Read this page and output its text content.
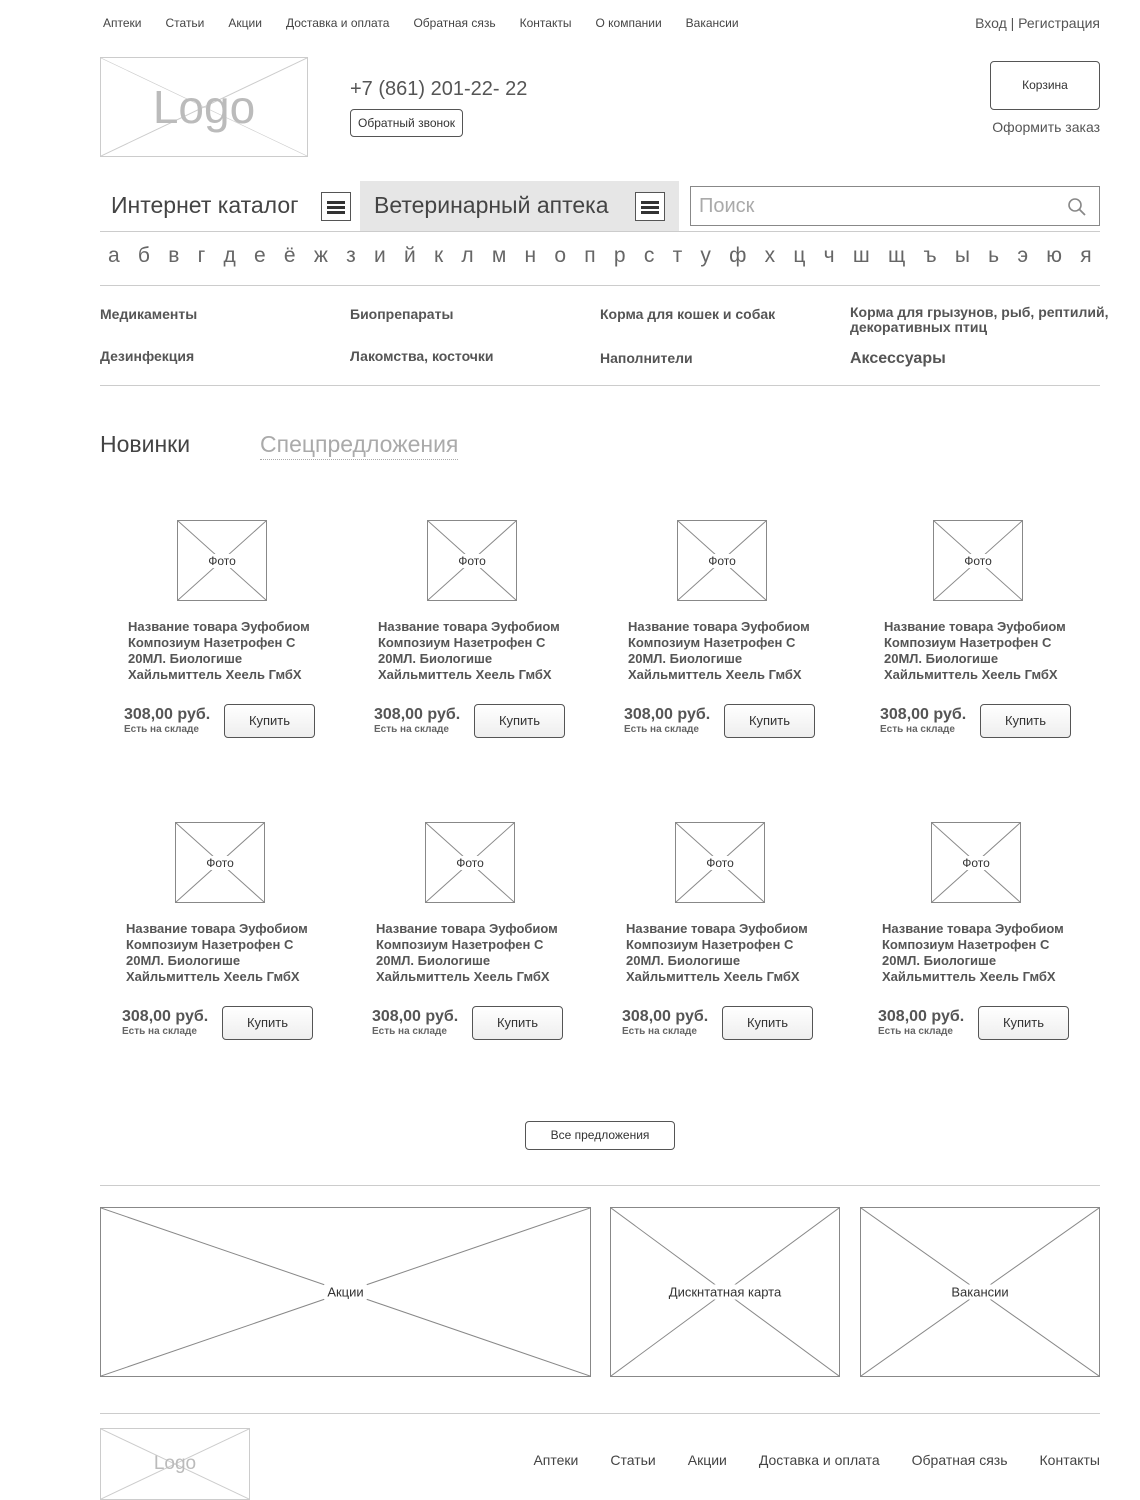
Аптеки Статьи Акции Доставка и оплата Обратная сязь Контакты О компании Вакансии	Вход | Регистрация
Logo	+7 (861) 201-22- 22
Обратный звонок
Корзина
Оформить заказ
Интернет каталог	Ветеринарный аптека
Поиск
а б в г д е ё ж з и й к л м н о п р с т у ф х ц ч ш щ ъ ы ь э ю я
Медикаменты	Биопрепараты	Корма для кошек и собак	Корма для грызунов, рыб, рептилий,
декоративных птиц
Дезинфекция	Лакомства, косточки	Наполнители	Аксессуары
Новинки	Спецпредложения
Фото
Название товара Эуфобиом
Композиум Назетрофен С
20МЛ. Биологише
Хайльмиттель Хеель ГмбХ
308,00 руб.
Есть на складе
Купить
Фото
Название товара Эуфобиом
Композиум Назетрофен С
20МЛ. Биологише
Хайльмиттель Хеель ГмбХ
308,00 руб.
Есть на складе
Купить
Фото
Название товара Эуфобиом
Композиум Назетрофен С
20МЛ. Биологише
Хайльмиттель Хеель ГмбХ
308,00 руб.
Есть на складе
Купить
Фото
Название товара Эуфобиом
Композиум Назетрофен С
20МЛ. Биологише
Хайльмиттель Хеель ГмбХ
308,00 руб.
Есть на складе
Купить
Фото
Название товара Эуфобиом
Композиум Назетрофен С
20МЛ. Биологише
Хайльмиттель Хеель ГмбХ
308,00 руб.
Есть на складе
Купить
Фото
Название товара Эуфобиом
Композиум Назетрофен С
20МЛ. Биологише
Хайльмиттель Хеель ГмбХ
308,00 руб.
Есть на складе
Купить
Фото
Название товара Эуфобиом
Композиум Назетрофен С
20МЛ. Биологише
Хайльмиттель Хеель ГмбХ
308,00 руб.
Есть на складе
Купить
Фото
Название товара Эуфобиом
Композиум Назетрофен С
20МЛ. Биологише
Хайльмиттель Хеель ГмбХ
308,00 руб.
Есть на складе
Купить
Все предложения
Акции	Дискнтатная карта	Вакансии
Logo	Аптеки Статьи Акции Доставка и оплата Обратная сязь Контакты
